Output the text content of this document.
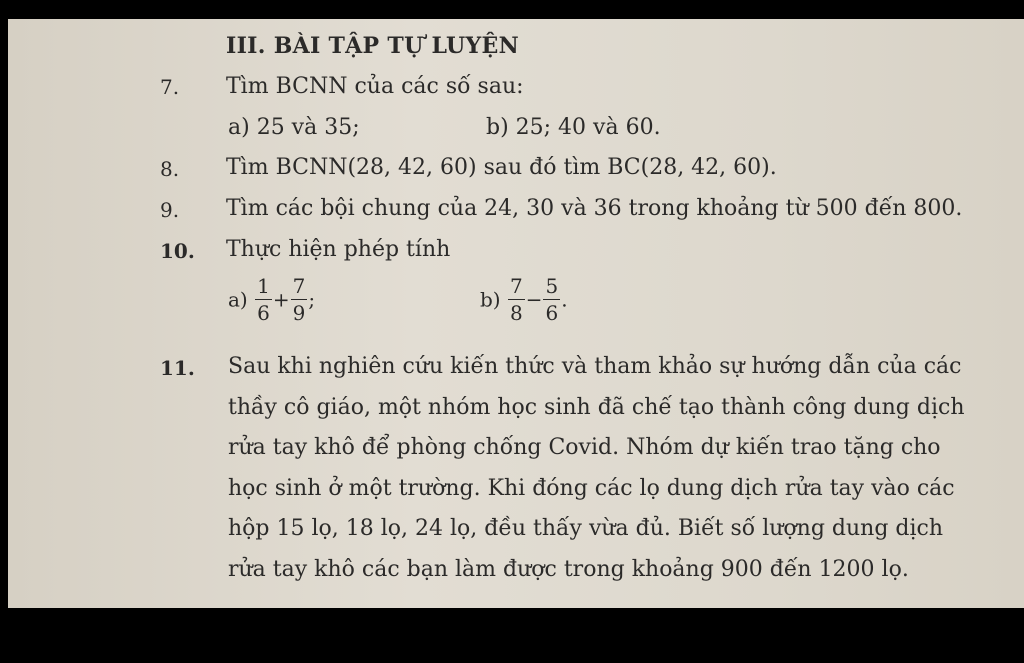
III. BÀI TẬP TỰ LUYỆN
7. Tìm BCNN của các số sau:
a) 25 và 35;	b) 25; 40 và 60.
8. Tìm BCNN(28, 42, 60) sau đó tìm BC(28, 42, 60).
9. Tìm các bội chung của 24, 30 và 36 trong khoảng từ 500 đến 800.
10. Thực hiện phép tính
$a) \frac{1}{6} + \frac{7}{9}$ ;	$b) \frac{7}{8} - \frac{5}{6}$ .
11. Sau khi nghiên cứu kiến thức và tham khảo sự hướng dẫn của các
thầy cô giáo, một nhóm học sinh đã chế tạo thành công dung dịch
rửa tay khô để phòng chống Covid. Nhóm dự kiến trao tặng cho
học sinh ở một trường. Khi đóng các lọ dung dịch rửa tay vào các
hộp 15 lọ, 18 lọ, 24 lọ, đều thấy vừa đủ. Biết số lượng dung dịch
rửa tay khô các bạn làm được trong khoảng 900 đến 1200 lọ.
